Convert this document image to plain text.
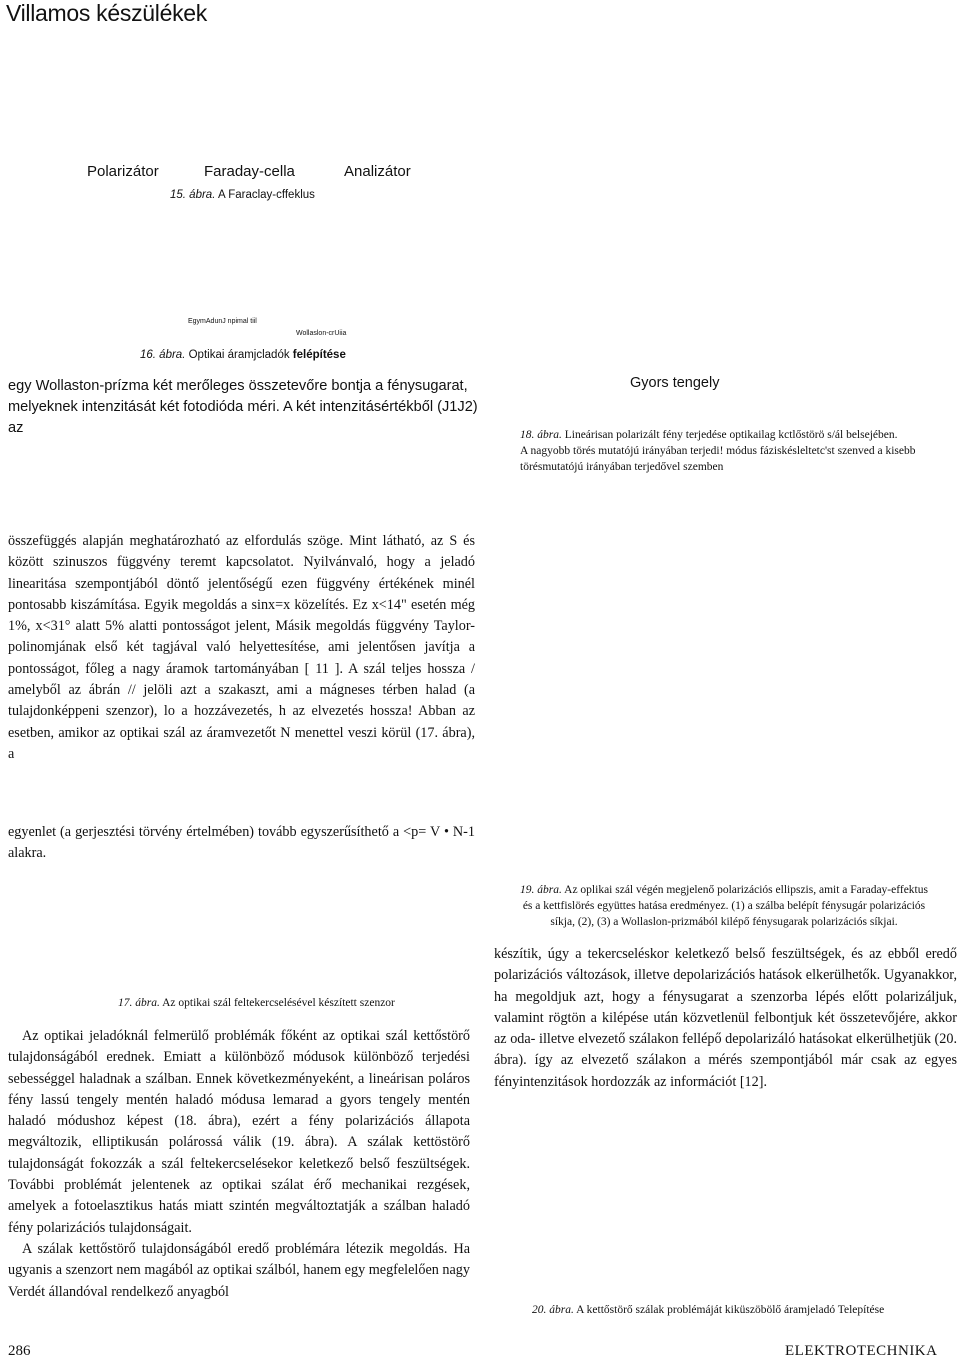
Villamos készülékek
Polarizátor	Faraday-cella	Analizátor
15. ábra. A Faraclay-cffeklus
EgymAdunJ npimal tiil
Wollaslon-crUiia
16. ábra. Optikai áramjcladók felépítése

egy Wollaston-prízma két merőleges összetevőre bontja a fénysugarat, melyeknek intenzitását két fotodióda méri. A két intenzitásértékből (J1J2) az

Gyors tengely
18. ábra. Lineárisan polarizált fény terjedése optikailag kctlőstörö s/ál belsejében.
A nagyobb törés mutatójú irányában terjedi! módus fáziskésleltetc'st szenved a kisebb
törésmutatójú irányában terjedővel szemben

összefüggés alapján meghatározható az elfordulás szöge. Mint látható, az S és között szinuszos függvény teremt kapcsolatot. Nyilvánvaló, hogy a jeladó linearitása szempontjából döntő jelentőségű ezen függvény értékének minél pontosabb kiszámítása. Egyik megoldás a sinx=x közelítés. Ez x<14" esetén még 1%, x<31° alatt 5% alatti pontosságot jelent, Másik megoldás függvény Taylor-polinomjának első két tagjával való helyettesítése, ami jelentősen javítja a pontosságot, főleg a nagy áramok tartományában [ 11 ]. A szál teljes hossza / amelyből az ábrán // jelöli azt a szakaszt, ami a mágneses térben halad (a tulajdonképpeni szenzor), lo a hozzávezetés, h az elvezetés hossza! Abban az esetben, amikor az optikai szál az áramvezetőt N menettel veszi körül (17. ábra), a

egyenlet (a gerjesztési törvény értelmében) tovább egyszerűsíthető a <p= V • N-1 alakra.

19. ábra. Az oplikai szál végén megjelenő polarizációs ellipszis, amit a Faraday-effektus
és a kettfislörés együttes hatása eredményez. (1) a szálba belépít fénysugár polarizációs
síkja, (2), (3) a Wollaslon-prizmából kilépő fénysugarak polarizációs síkjai.

készítik, úgy a tekercseléskor keletkező belső feszültségek, és az ebből eredő polarizációs változások, illetve depolarizációs hatások elkerülhetők. Ugyanakkor, ha megoldjuk azt, hogy a fénysugarat a szenzorba lépés előtt polarizáljuk, valamint rögtön a kilépése után közvetlenül felbontjuk két összetevőjére, akkor az oda- illetve elvezető szálakon fellépő depolarizáló hatásokat elkerülhetjük (20. ábra). így az elvezető szálakon a mérés szempontjából már csak az egyes fényintenzitások hordozzák az információt [12].

17. ábra. Az optikai szál feltekercselésével készített szenzor

Az optikai jeladóknál felmerülő problémák főként az optikai szál kettőstörő tulajdonságából erednek. Emiatt a különböző módusok különböző terjedési sebességgel haladnak a szálban. Ennek következményeként, a lineárisan poláros fény lassú tengely mentén haladó módusa lemarad a gyors tengely mentén haladó módushoz képest (18. ábra), ezért a fény polarizációs állapota megváltozik, elliptikusán polárossá válik (19. ábra). A szálak kettöstörő tulajdonságát fokozzák a szál feltekercselésekor keletkező belső feszültségek. További problémát jelentenek az optikai szálat érő mechanikai rezgések, amelyek a fotoelasztikus hatás miatt szintén megváltoztatják a szálban haladó fény polarizációs tulajdonságait.

A szálak kettőstörő tulajdonságából eredő problémára létezik megoldás. Ha ugyanis a szenzort nem magából az optikai szálból, hanem egy megfelelően nagy Verdét állandóval rendelkező anyagból

20. ábra. A kettőstörő szálak problémáját kiküszöbölő áramjeladó Telepítése
286	ELEKTROTECHNIKA
